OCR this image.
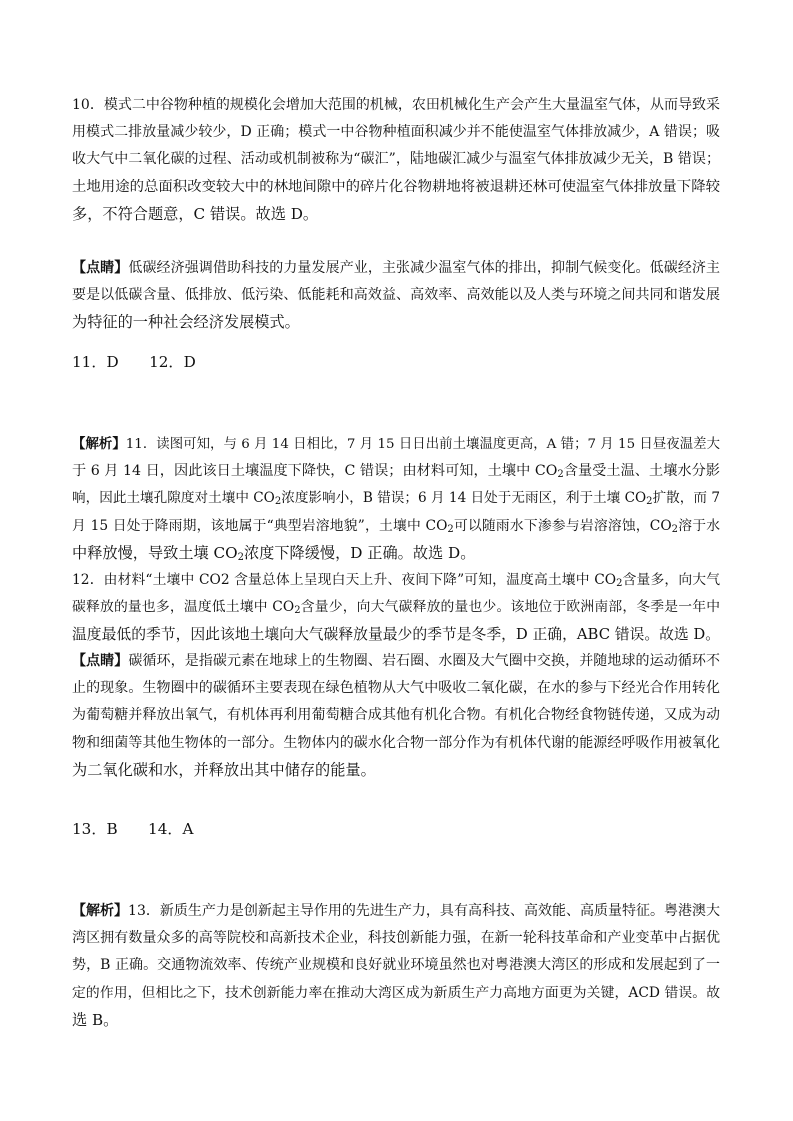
10．模式二中谷物种植的规模化会增加大范围的机械，农田机械化生产会产生大量温室气体，从而导致采
用模式二排放量减少较少，D 正确；模式一中谷物种植面积减少并不能使温室气体排放减少，A 错误；吸
收大气中二氧化碳的过程、活动或机制被称为“碳汇”，陆地碳汇减少与温室气体排放减少无关，B 错误；
土地用途的总面积改变较大中的林地间隙中的碎片化谷物耕地将被退耕还林可使温室气体排放量下降较
多，不符合题意，C 错误。故选 D。
【点睛】低碳经济强调借助科技的力量发展产业，主张减少温室气体的排出，抑制气候变化。低碳经济主
要是以低碳含量、低排放、低污染、低能耗和高效益、高效率、高效能以及人类与环境之间共同和谐发展
为特征的一种社会经济发展模式。
11．D　　12．D
【解析】11．读图可知，与 6 月 14 日相比，7 月 15 日日出前土壤温度更高，A 错；7 月 15 日昼夜温差大
于 6 月 14 日，因此该日土壤温度下降快，C 错误；由材料可知，土壤中 $CO_2$含量受土温、土壤水分影
响，因此土壤孔隙度对土壤中 $CO_2$浓度影响小，B 错误；6 月 14 日处于无雨区，利于土壤 $CO_2$扩散，而 7
月 15 日处于降雨期，该地属于“典型岩溶地貌”，土壤中 $CO_2$可以随雨水下渗参与岩溶溶蚀，$CO_2$溶于水
中释放慢，导致土壤 $CO_2$浓度下降缓慢，D 正确。故选 D。
12．由材料“土壤中 CO2 含量总体上呈现白天上升、夜间下降”可知，温度高土壤中 $CO_2$含量多，向大气
碳释放的量也多，温度低土壤中 $CO_2$含量少，向大气碳释放的量也少。该地位于欧洲南部，冬季是一年中
温度最低的季节，因此该地土壤向大气碳释放量最少的季节是冬季，D 正确，ABC 错误。故选 D。
【点睛】碳循环，是指碳元素在地球上的生物圈、岩石圈、水圈及大气圈中交换，并随地球的运动循环不
止的现象。生物圈中的碳循环主要表现在绿色植物从大气中吸收二氧化碳，在水的参与下经光合作用转化
为葡萄糖并释放出氧气，有机体再利用葡萄糖合成其他有机化合物。有机化合物经食物链传递，又成为动
物和细菌等其他生物体的一部分。生物体内的碳水化合物一部分作为有机体代谢的能源经呼吸作用被氧化
为二氧化碳和水，并释放出其中储存的能量。
13．B　　14．A
【解析】13．新质生产力是创新起主导作用的先进生产力，具有高科技、高效能、高质量特征。粤港澳大
湾区拥有数量众多的高等院校和高新技术企业，科技创新能力强，在新一轮科技革命和产业变革中占据优
势，B 正确。交通物流效率、传统产业规模和良好就业环境虽然也对粤港澳大湾区的形成和发展起到了一
定的作用，但相比之下，技术创新能力率在推动大湾区成为新质生产力高地方面更为关键，ACD 错误。故
选 B。
